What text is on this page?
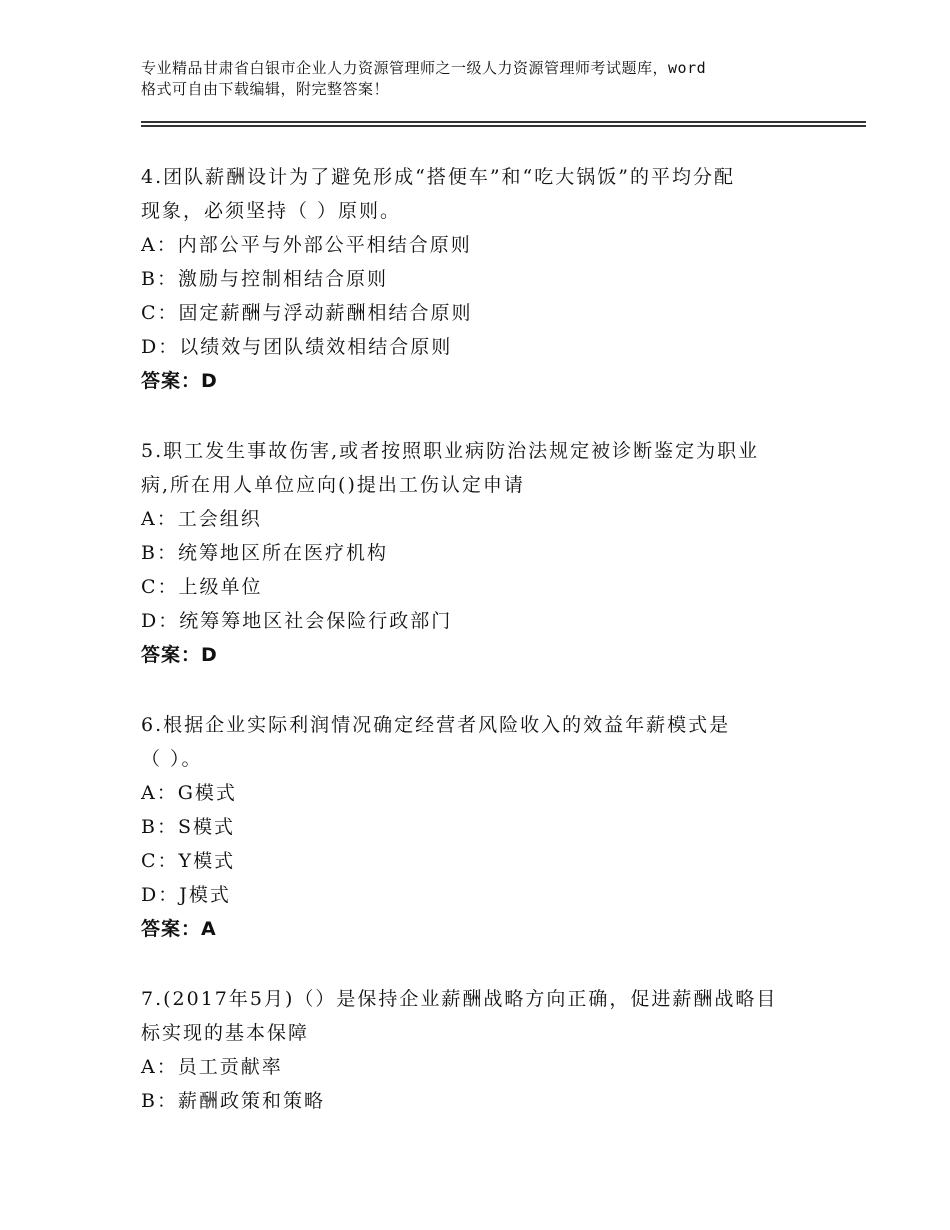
专业精品甘肃省白银市企业人力资源管理师之一级人力资源管理师考试题库，word
格式可自由下载编辑，附完整答案！
4.团队薪酬设计为了避免形成“搭便车”和“吃大锅饭”的平均分配
现象，必须坚持（ ）原则。
A：内部公平与外部公平相结合原则
B：激励与控制相结合原则
C：固定薪酬与浮动薪酬相结合原则
D：以绩效与团队绩效相结合原则
答案：D
5.职工发生事故伤害,或者按照职业病防治法规定被诊断鉴定为职业
病,所在用人单位应向()提出工伤认定申请
A：工会组织
B：统筹地区所在医疗机构
C：上级单位
D：统筹筹地区社会保险行政部门
答案：D
6.根据企业实际利润情况确定经营者风险收入的效益年薪模式是
（ ）。
A：G模式
B：S模式
C：Y模式
D：J模式
答案：A
7.(2017年5月)（）是保持企业薪酬战略方向正确，促进薪酬战略目
标实现的基本保障
A：员工贡献率
B：薪酬政策和策略
